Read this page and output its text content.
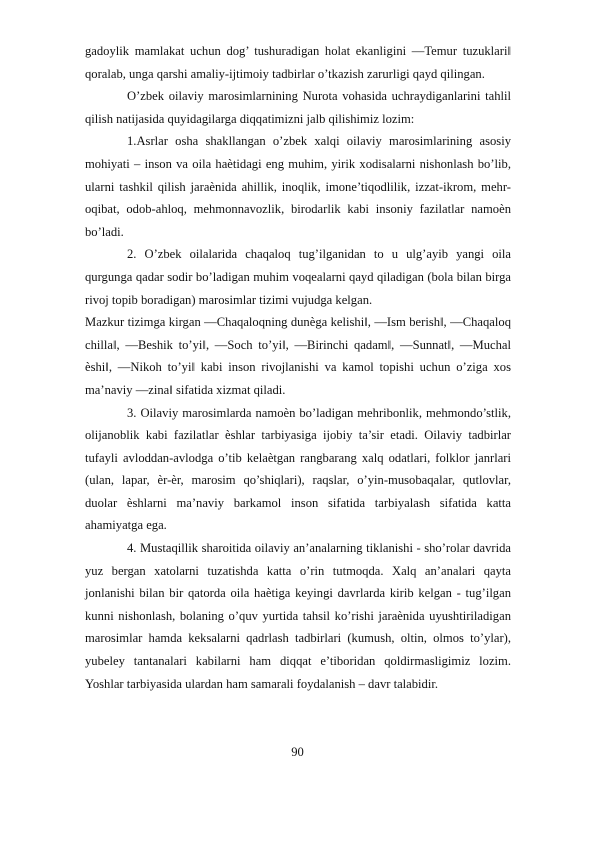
gadoylik mamlakat uchun dog’ tushuradigan holat ekanligini ―Temur tuzuklari‖ qoralab, unga qarshi amaliy-ijtimoiy tadbirlar o’tkazish zarurligi qayd qilingan.

O’zbek oilaviy marosimlarnining Nurota vohasida uchraydiganlarini tahlil qilish natijasida quyidagilarga diqqatimizni jalb qilishimiz lozim:

1.Asrlar osha shakllangan o’zbek xalqi oilaviy marosimlarining asosiy mohiyati – inson va oila haѐtidagi eng muhim, yirik xodisalarni nishonlash bo’lib, ularni tashkil qilish jaraѐnida ahillik, inoqlik, imone’tiqodlilik, izzat-ikrom, mehr-oqibat, odob-ahloq, mehmonnavozlik, birodarlik kabi insoniy fazilatlar namoѐn bo’ladi.

2. O’zbek oilalarida chaqaloq tug’ilganidan to u ulg’ayib yangi oila qurgunga qadar sodir bo’ladigan muhim voqealarni qayd qiladigan (bola bilan birga rivoj topib boradigan) marosimlar tizimi vujudga kelgan.

Mazkur tizimga kirgan ―Chaqaloqning dunѐga kelishi‖, ―Ism berish‖, ―Chaqaloq chilla‖, ―Beshik to’yi‖, ―Soch to’yi‖, ―Birinchi qadam‖, ―Sunnat‖, ―Muchal ѐshi‖, ―Nikoh to’yi‖ kabi inson rivojlanishi va kamol topishi uchun o’ziga xos ma’naviy ―zina‖ sifatida xizmat qiladi.

3. Oilaviy marosimlarda namoѐn bo’ladigan mehribonlik, mehmondo’stlik, olijanoblik kabi fazilatlar ѐshlar tarbiyasiga ijobiy ta’sir etadi. Oilaviy tadbirlar tufayli avloddan-avlodga o’tib kelaѐtgan rangbarang xalq odatlari, folklor janrlari (ulan, lapar, ѐr-ѐr, marosim qo’shiqlari), raqslar, o’yin-musobaqalar, qutlovlar, duolar ѐshlarni ma’naviy barkamol inson sifatida tarbiyalash sifatida katta ahamiyatga ega.

4. Mustaqillik sharoitida oilaviy an’analarning tiklanishi - sho’rolar davrida yuz bergan xatolarni tuzatishda katta o’rin tutmoqda. Xalq an’analari qayta jonlanishi bilan bir qatorda oila haѐtiga keyingi davrlarda kirib kelgan - tug’ilgan kunni nishonlash, bolaning o’quv yurtida tahsil ko’rishi jaraѐnida uyushtiriladigan marosimlar hamda keksalarni qadrlash tadbirlari (kumush, oltin, olmos to’ylar), yubeley tantanalari kabilarni ham diqqat e’tiboridan qoldirmasligimiz lozim. Yoshlar tarbiyasida ulardan ham samarali foydalanish – davr talabidir.

90
